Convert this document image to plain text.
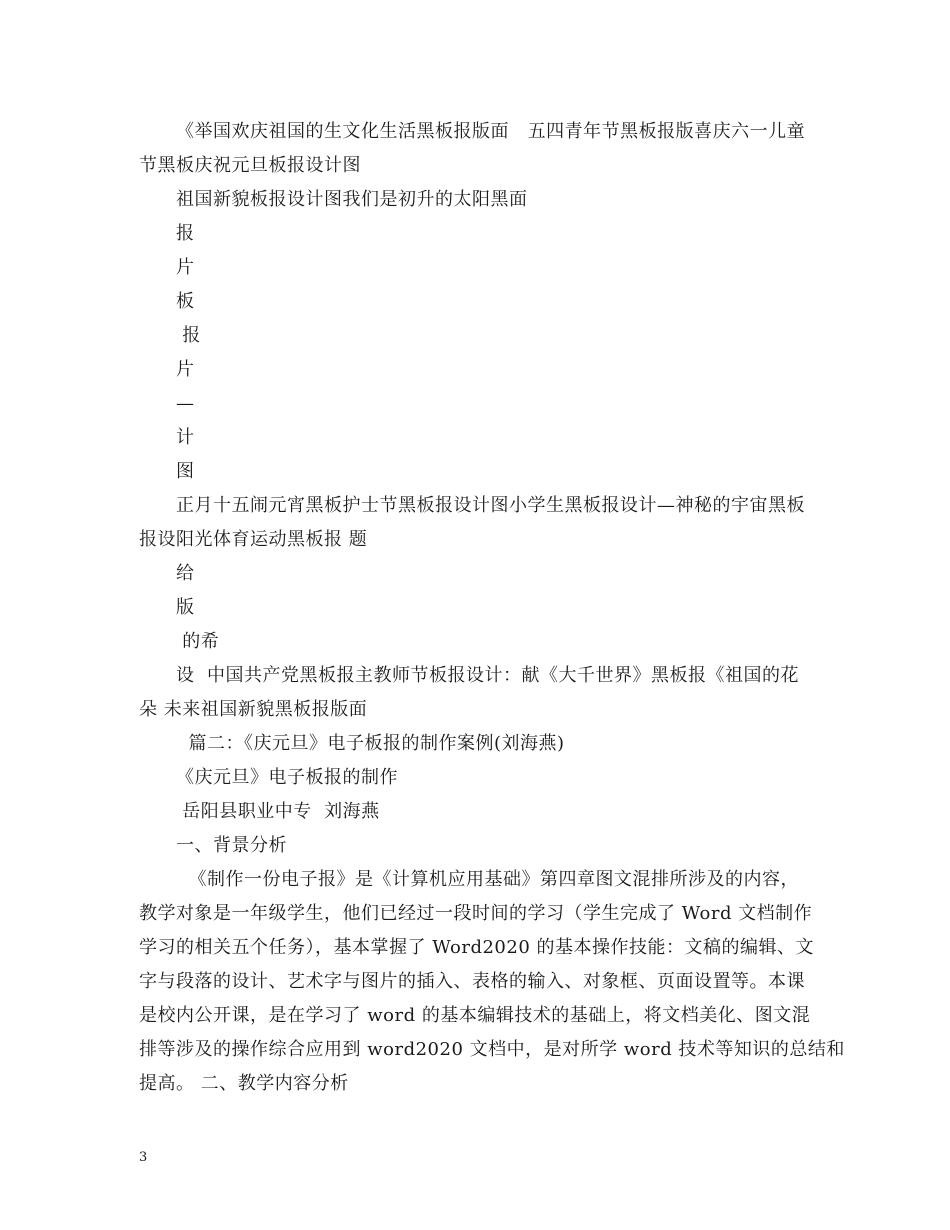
《举国欢庆祖国的生文化生活黑板报版面   五四青年节黑板报版喜庆六一儿童
节黑板庆祝元旦板报设计图
祖国新貌板报设计图我们是初升的太阳黑面
报
片
板
报
片
—
计
图
正月十五闹元宵黑板护士节黑板报设计图小学生黑板报设计—神秘的宇宙黑板
报设阳光体育运动黑板报 题
给
版
的希
设  中国共产党黑板报主教师节板报设计：献《大千世界》黑板报《祖国的花
朵 未来祖国新貌黑板报版面
篇二：《庆元旦》电子板报的制作案例(刘海燕)
《庆元旦》电子板报的制作
岳阳县职业中专  刘海燕
一、背景分析
《制作一份电子报》是《计算机应用基础》第四章图文混排所涉及的内容，
教学对象是一年级学生，他们已经过一段时间的学习（学生完成了 Word 文档制作
学习的相关五个任务），基本掌握了 Word2020 的基本操作技能：文稿的编辑、文
字与段落的设计、艺术字与图片的插入、表格的输入、对象框、页面设置等。本课
是校内公开课，是在学习了 word 的基本编辑技术的基础上，将文档美化、图文混
排等涉及的操作综合应用到 word2020 文档中，是对所学 word 技术等知识的总结和
提高。 二、教学内容分析
3
